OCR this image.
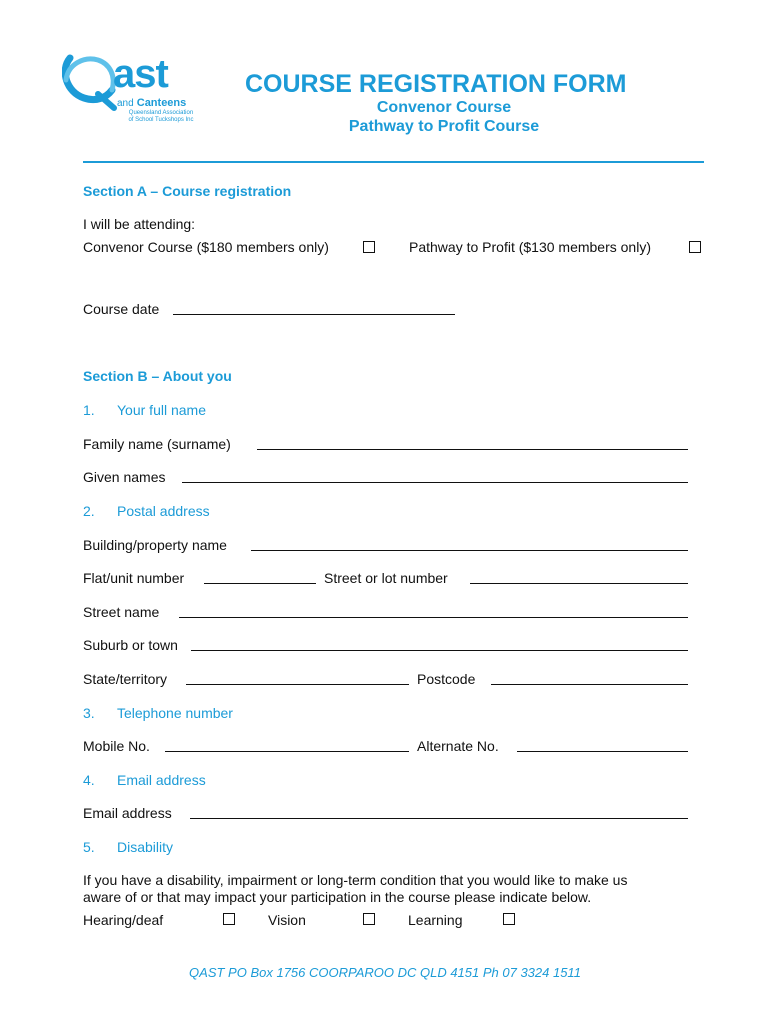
ast
and Canteens
Queensland Association
of School Tuckshops Inc
COURSE REGISTRATION FORM
Convenor Course
Pathway to Profit Course
Section A – Course registration
I will be attending:
Convenor Course ($180 members only)	Pathway to Profit ($130 members only)
Course date
Section B – About you
1. Your full name
Family name (surname)
Given names
2. Postal address
Building/property name
Flat/unit number	Street or lot number
Street name
Suburb or town
State/territory	Postcode
3. Telephone number
Mobile No.	Alternate No.
4. Email address
Email address
5. Disability
If you have a disability, impairment or long-term condition that you would like to make us
aware of or that may impact your participation in the course please indicate below.
Hearing/deaf	Vision	Learning
QAST PO Box 1756 COORPAROO DC QLD 4151 Ph 07 3324 1511
